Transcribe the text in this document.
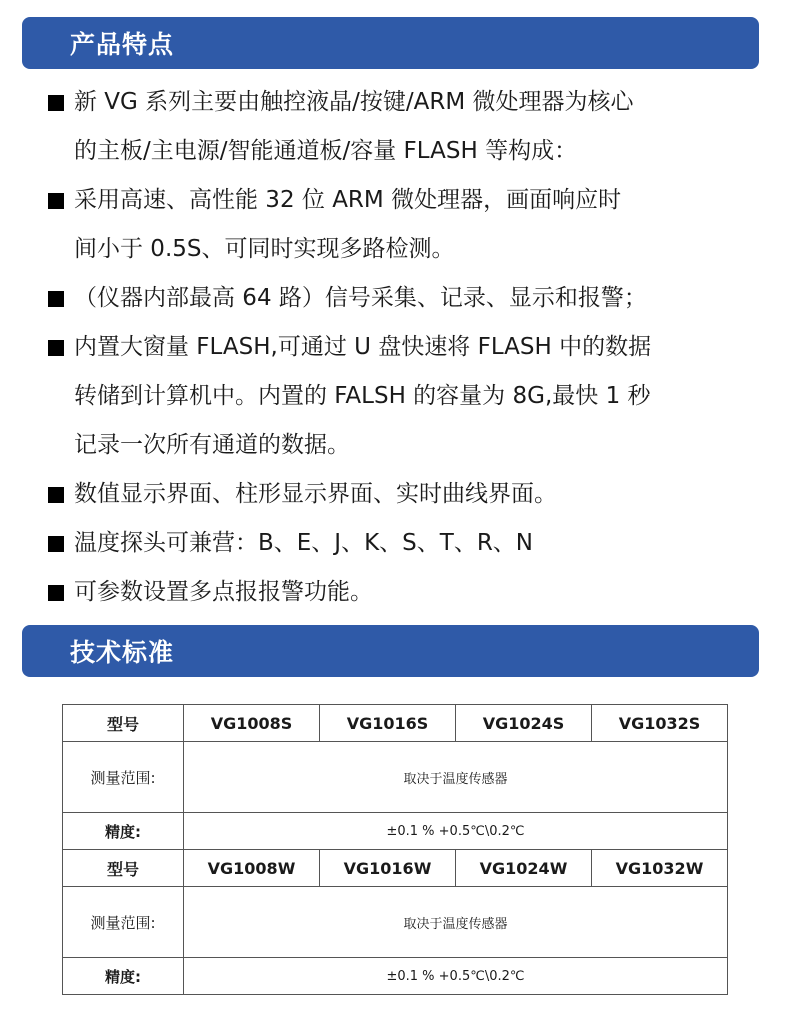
产品特点
新 VG 系列主要由触控液晶/按键/ARM 微处理器为核心
的主板/主电源/智能通道板/容量 FLASH 等构成：
采用高速、高性能 32 位 ARM 微处理器，画面响应时
间小于 0.5S、可同时实现多路检测。
（仪器内部最高 64 路）信号采集、记录、显示和报警；
内置大窗量 FLASH,可通过 U 盘快速将 FLASH 中的数据
转储到计算机中。内置的 FALSH 的容量为 8G,最快 1 秒
记录一次所有通道的数据。
数值显示界面、柱形显示界面、实时曲线界面。
温度探头可兼营：B、E、J、K、S、T、R、N
可参数设置多点报报警功能。
技术标准
型号	VG1008S	VG1016S	VG1024S	VG1032S
测量范围:	取决于温度传感器			
精度:	±0.1 % +0.5℃\0.2℃			
型号	VG1008W	VG1016W	VG1024W	VG1032W
测量范围:	取决于温度传感器			
精度:	±0.1 % +0.5℃\0.2℃			
